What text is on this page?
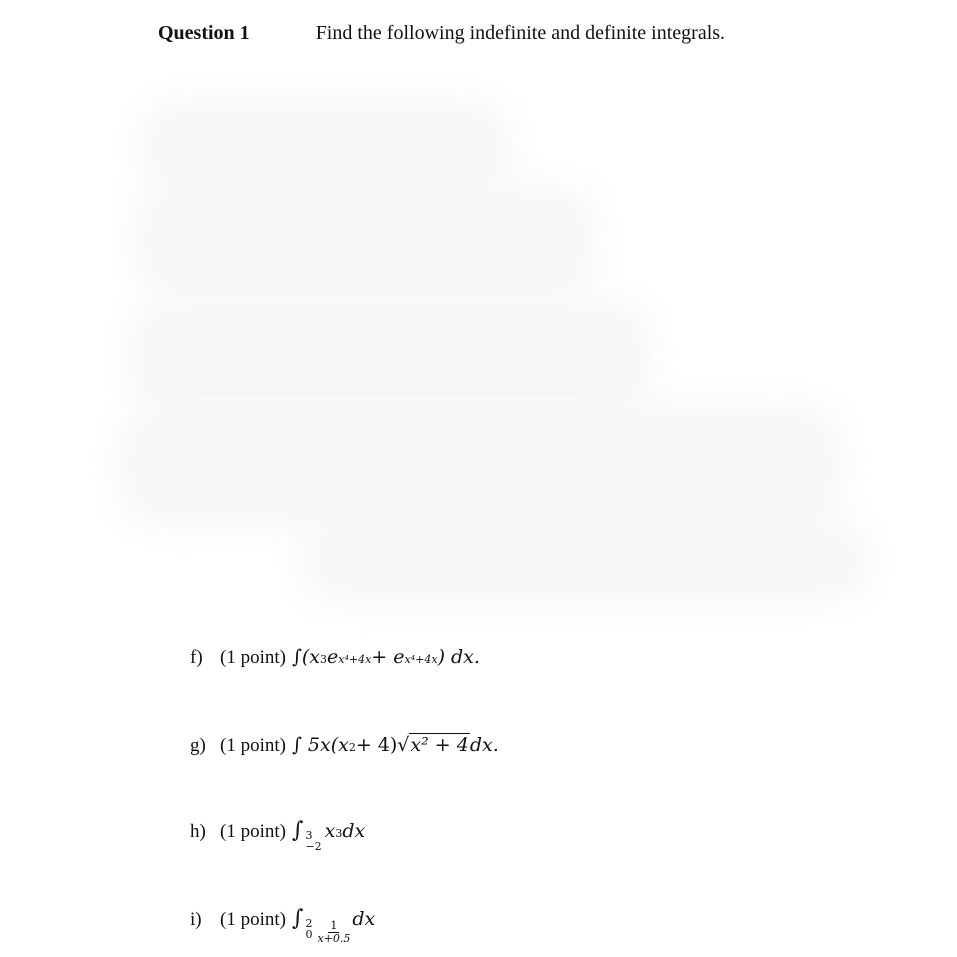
Question 1	Find the following indefinite and definite integrals.
f) (1 point) ∫(x 3 e x⁴+4x + e x⁴+4x ) dx.
g) (1 point) ∫ 5x(x 2 + 4)√ x² + 4 dx.
h) (1 point) ∫ 3
−2
x 3 dx
i) (1 point) ∫ 2
$0 \frac{1}{x+0.5}$
dx
